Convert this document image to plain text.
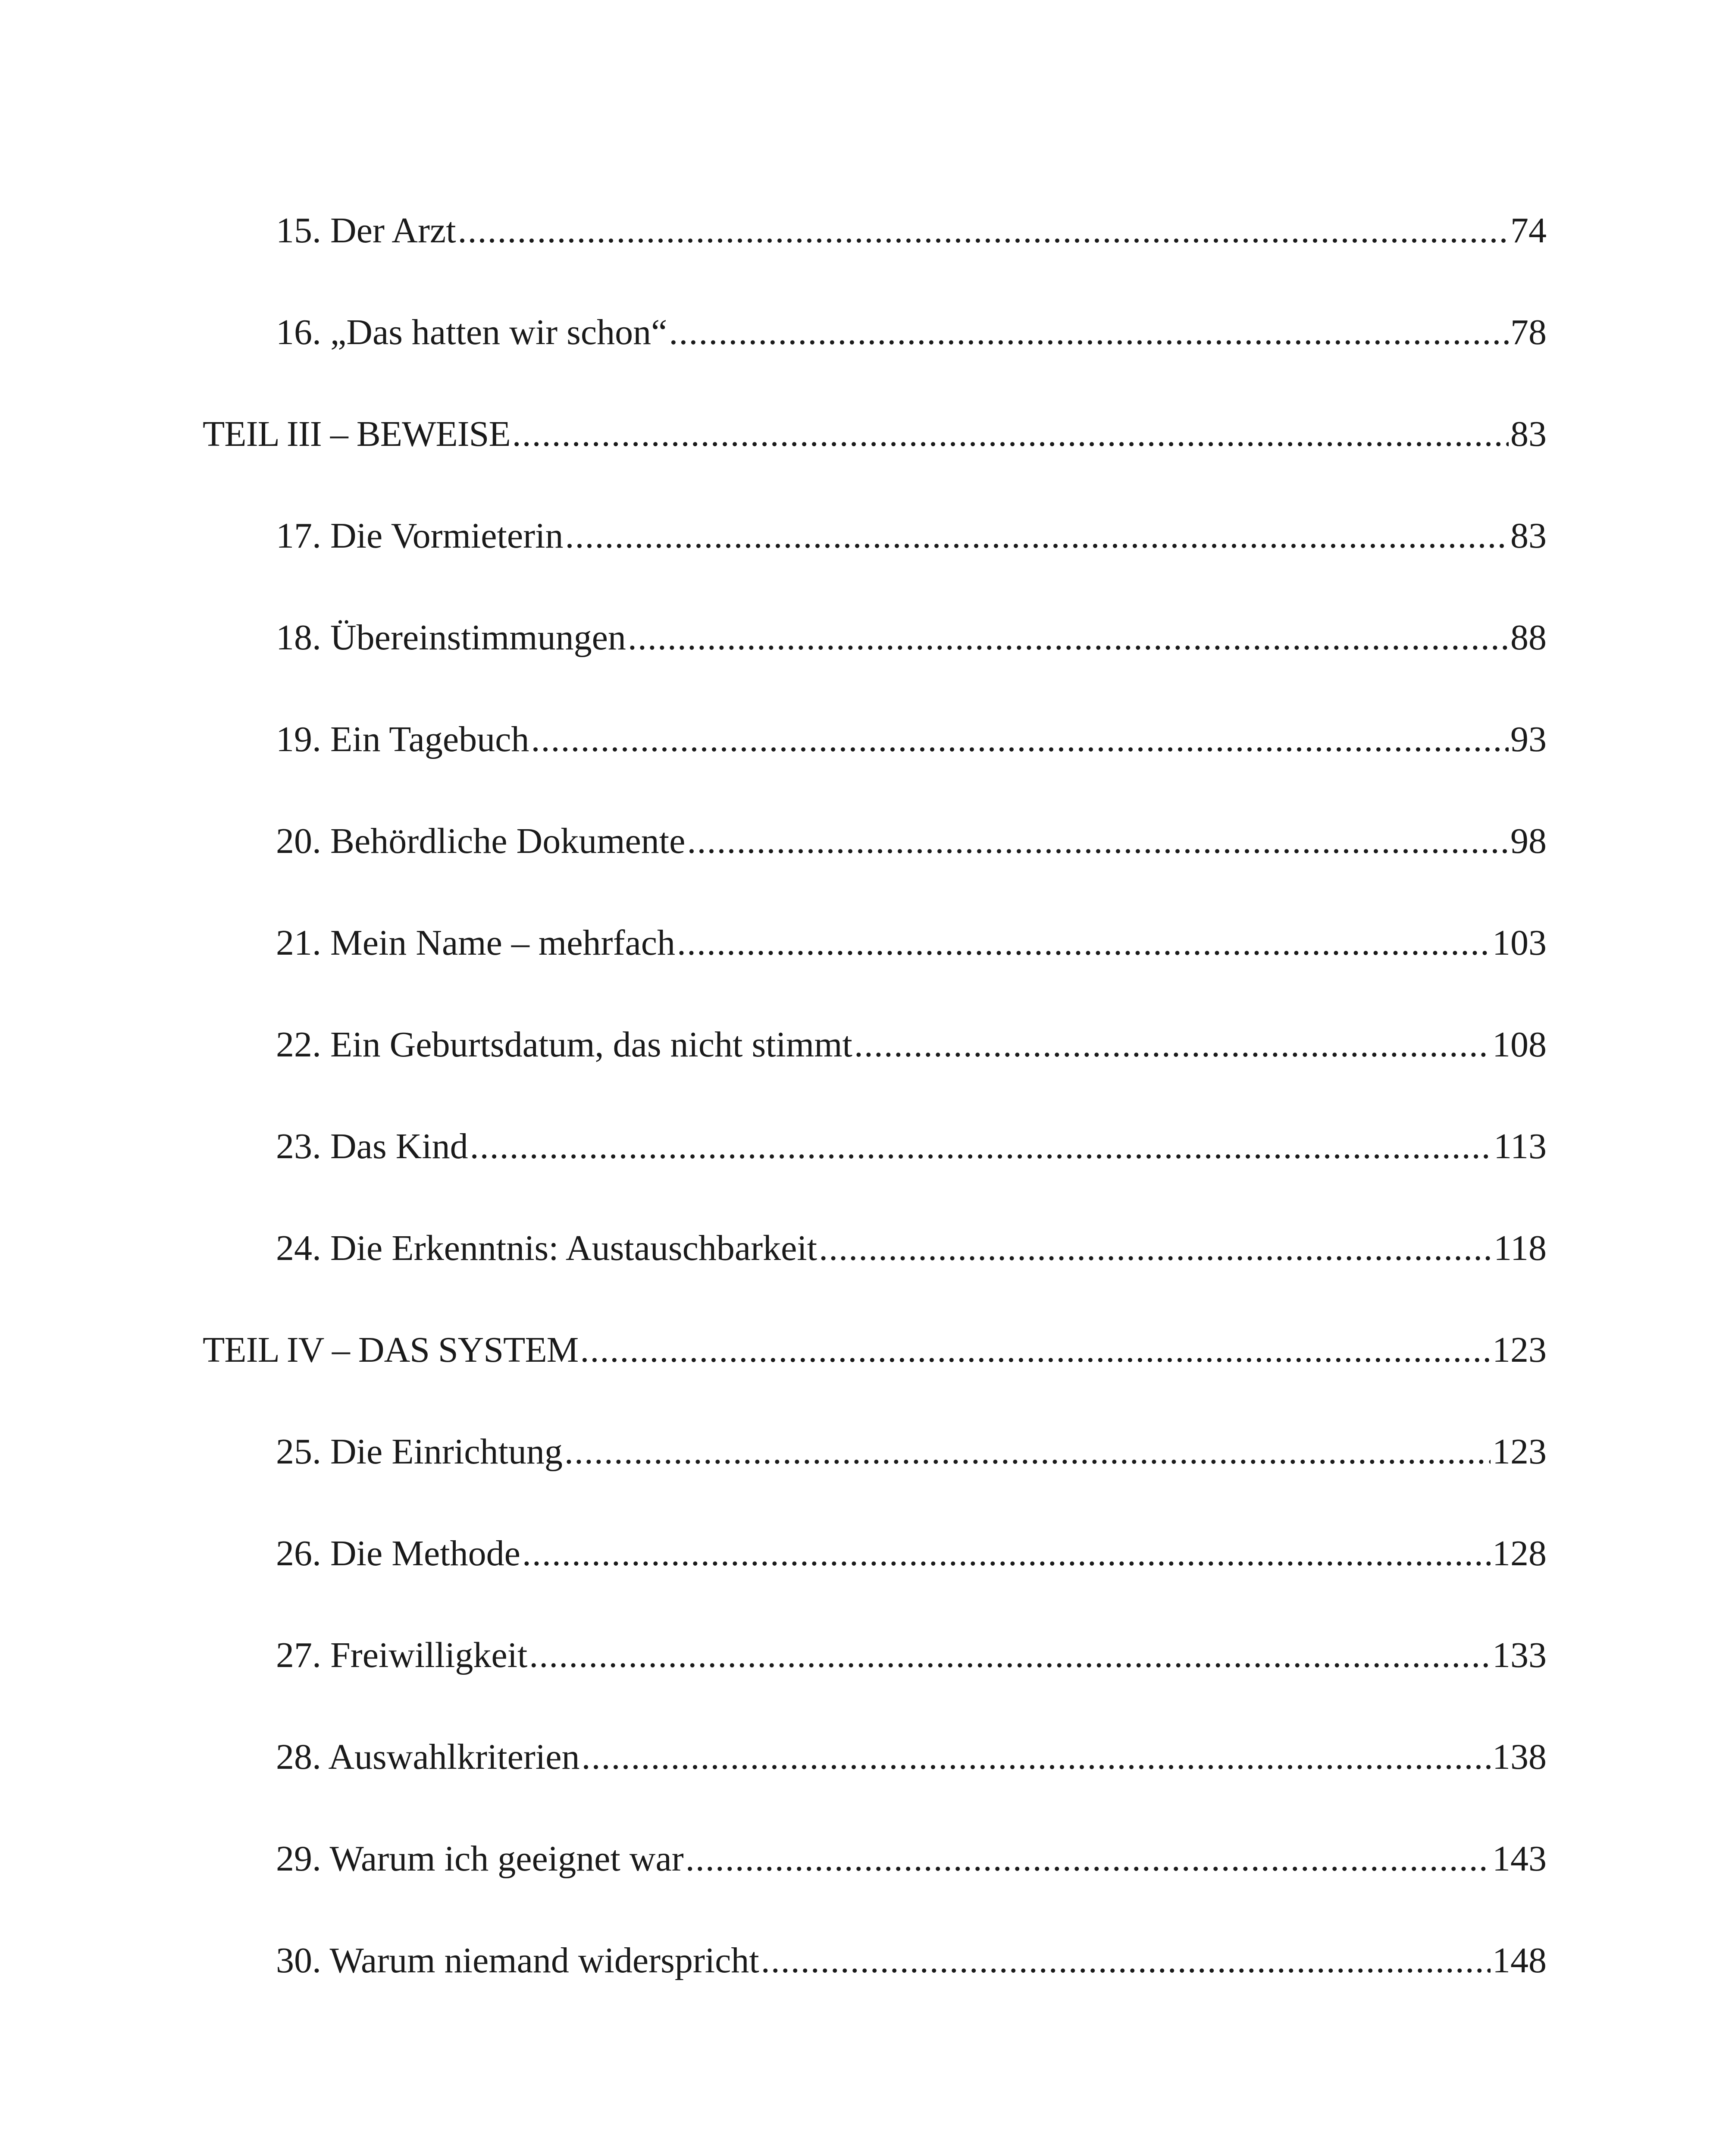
15. Der Arzt .....	74
16. „Das hatten wir schon“ .....	78
TEIL III – BEWEISE .....	83
17. Die Vormieterin .....	83
18. Übereinstimmungen .....	88
19. Ein Tagebuch .....	93
20. Behördliche Dokumente .....	98
21. Mein Name – mehrfach .....	103
22. Ein Geburtsdatum, das nicht stimmt .....	108
23. Das Kind .....	113
24. Die Erkenntnis: Austauschbarkeit .....	118
TEIL IV – DAS SYSTEM .....	123
25. Die Einrichtung .....	123
26. Die Methode .....	128
27. Freiwilligkeit .....	133
28. Auswahlkriterien .....	138
29. Warum ich geeignet war .....	143
30. Warum niemand widerspricht .....	148
